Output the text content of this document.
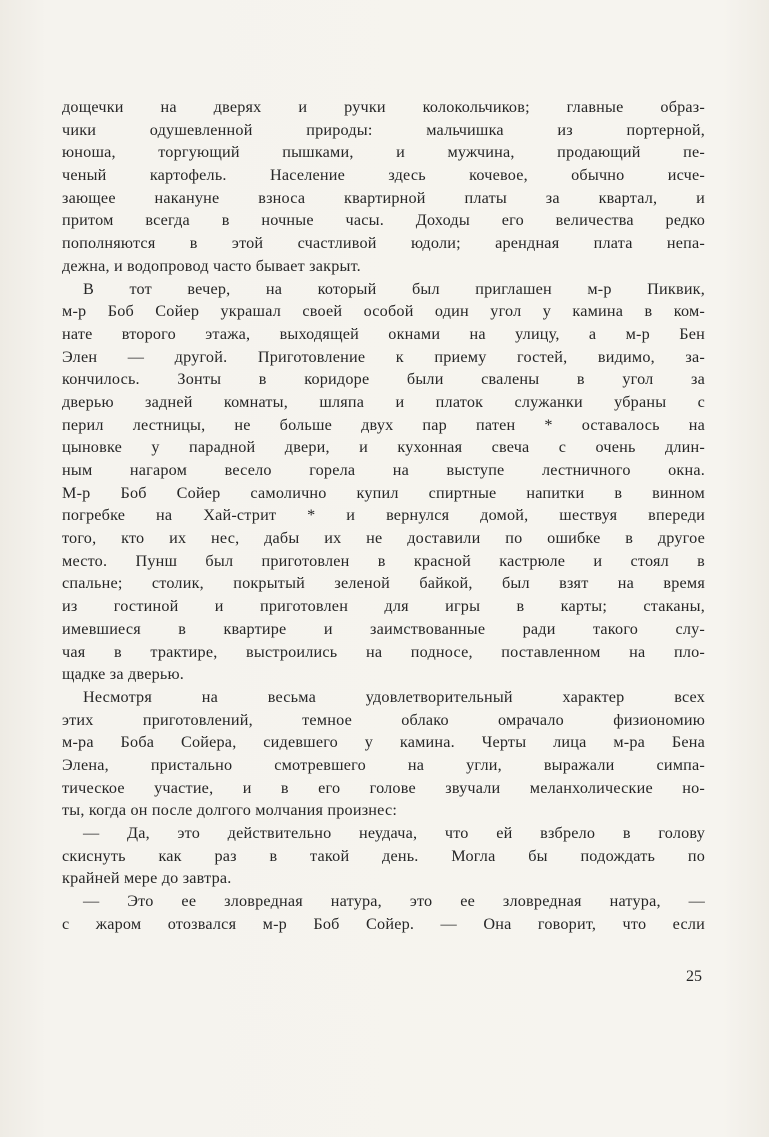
дощечки на дверях и ручки колокольчиков; главные образ-
чики одушевленной природы: мальчишка из портерной,
юноша, торгующий пышками, и мужчина, продающий пе-
ченый картофель. Население здесь кочевое, обычно исче-
зающее накануне взноса квартирной платы за квартал, и
притом всегда в ночные часы. Доходы его величества редко
пополняются в этой счастливой юдоли; арендная плата непа-
дежна, и водопровод часто бывает закрыт.
В тот вечер, на который был приглашен м-р Пиквик,
м-р Боб Сойер украшал своей особой один угол у камина в ком-
нате второго этажа, выходящей окнами на улицу, а м-р Бен
Элен — другой. Приготовление к приему гостей, видимо, за-
кончилось. Зонты в коридоре были свалены в угол за
дверью задней комнаты, шляпа и платок служанки убраны с
перил лестницы, не больше двух пар патен * оставалось на
цыновке у парадной двери, и кухонная свеча с очень длин-
ным нагаром весело горела на выступе лестничного окна.
М-р Боб Сойер самолично купил спиртные напитки в винном
погребке на Хай-стрит * и вернулся домой, шествуя впереди
того, кто их нес, дабы их не доставили по ошибке в другое
место. Пунш был приготовлен в красной кастрюле и стоял в
спальне; столик, покрытый зеленой байкой, был взят на время
из гостиной и приготовлен для игры в карты; стаканы,
имевшиеся в квартире и заимствованные ради такого слу-
чая в трактире, выстроились на подносе, поставленном на пло-
щадке за дверью.
Несмотря на весьма удовлетворительный характер всех
этих приготовлений, темное облако омрачало физиономию
м-ра Боба Сойера, сидевшего у камина. Черты лица м-ра Бена
Элена, пристально смотревшего на угли, выражали симпа-
тическое участие, и в его голове звучали меланхолические но-
ты, когда он после долгого молчания произнес:
— Да, это действительно неудача, что ей взбрело в голову
скиснуть как раз в такой день. Могла бы подождать по
крайней мере до завтра.
— Это ее зловредная натура, это ее зловредная натура, —
с жаром отозвался м-р Боб Сойер. — Она говорит, что если
25
